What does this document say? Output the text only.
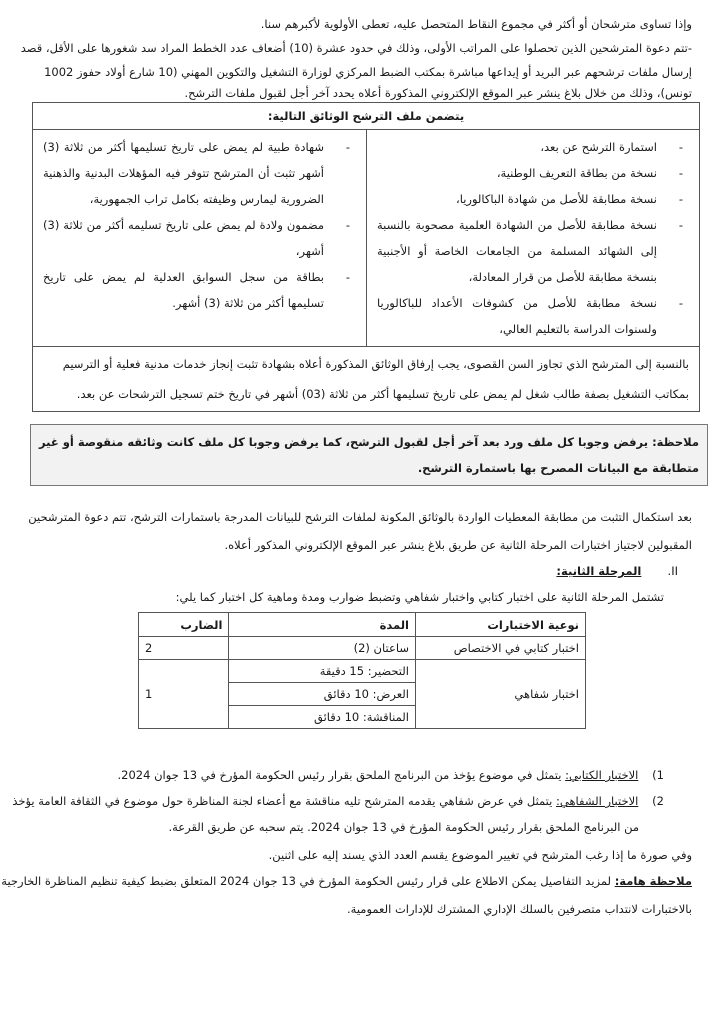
وإذا تساوى مترشحان أو أكثر في مجموع النقاط المتحصل عليه، تعطى الأولوية لأكبرهم سنا.
-تتم دعوة المترشحين الذين تحصلوا على المراتب الأولى، وذلك في حدود عشرة (10) أضعاف عدد الخطط المراد سد شغورها على الأقل، قصد
إرسال ملفات ترشحهم عبر البريد أو إيداعها مباشرة بمكتب الضبط المركزي لوزارة التشغيل والتكوين المهني (10 شارع أولاد حفوز 1002
تونس)، وذلك من خلال بلاغ ينشر عبر الموقع الإلكتروني المذكورة أعلاه يحدد آخر أجل لقبول ملفات الترشح.
يتضمن ملف الترشح الوثائق التالية:
-
استمارة الترشح عن بعد،
-
نسخة من بطاقة التعريف الوطنية،
-
نسخة مطابقة للأصل من شهادة الباكالوريا،
-
نسخة مطابقة للأصل من الشهادة العلمية مصحوبة بالنسبة إلى الشهائد المسلمة من الجامعات الخاصة أو الأجنبية بنسخة مطابقة للأصل من قرار المعادلة،
-
نسخة مطابقة للأصل من كشوفات الأعداد للباكالوريا ولسنوات الدراسة بالتعليم العالي،
-
شهادة طبية لم يمض على تاريخ تسليمها أكثر من ثلاثة (3) أشهر تثبت أن المترشح تتوفر فيه المؤهلات البدنية والذهنية الضرورية ليمارس وظيفته بكامل تراب الجمهورية،
-
مضمون ولادة لم يمض على تاريخ تسليمه أكثر من ثلاثة (3) أشهر،
-
بطاقة من سجل السوابق العدلية لم يمض على تاريخ تسليمها أكثر من ثلاثة (3) أشهر.
بالنسبة إلى المترشح الذي تجاوز السن القصوى، يجب إرفاق الوثائق المذكورة أعلاه بشهادة تثبت إنجاز خدمات مدنية فعلية أو الترسيم بمكاتب التشغيل بصفة طالب شغل لم يمض على تاريخ تسليمها أكثر من ثلاثة (03) أشهر في تاريخ ختم تسجيل الترشحات عن بعد.
ملاحظة: يرفض وجوبا كل ملف ورد بعد آخر أجل لقبول الترشح، كما يرفض وجوبا كل ملف كانت وثائقه منقوصة أو غير متطابقة مع البيانات المصرح بها باستمارة الترشح.
بعد استكمال التثبت من مطابقة المعطيات الواردة بالوثائق المكونة لملفات الترشح للبيانات المدرجة باستمارات الترشح، تتم دعوة المترشحين
المقبولين لاجتياز اختبارات المرحلة الثانية عن طريق بلاغ ينشر عبر الموقع الإلكتروني المذكور أعلاه.
II.    المرحلة الثانية:
تشتمل المرحلة الثانية على اختبار كتابي واختبار شفاهي وتضبط ضوارب ومدة وماهية كل اختبار كما يلي:
نوعية الاختبارات	المدة	الضارب
اختبار كتابي في الاختصاص	ساعتان (2)	2
اختبار شفاهي	التحضير: 15 دقيقة	1
	العرض: 10 دقائق	
	المناقشة: 10 دقائق	
1) الاختبار الكتابي: يتمثل في موضوع يؤخذ من البرنامج الملحق بقرار رئيس الحكومة المؤرخ في 13 جوان 2024.
2) الاختبار الشفاهي: يتمثل في عرض شفاهي يقدمه المترشح تليه مناقشة مع أعضاء لجنة المناظرة حول موضوع في الثقافة العامة يؤخذ
من البرنامج الملحق بقرار رئيس الحكومة المؤرخ في 13 جوان 2024. يتم سحبه عن طريق القرعة.
وفي صورة ما إذا رغب المترشح في تغيير الموضوع يقسم العدد الذي يسند إليه على اثنين.
ملاحظة هامة: لمزيد التفاصيل يمكن الاطلاع على قرار رئيس الحكومة المؤرخ في 13 جوان 2024 المتعلق بضبط كيفية تنظيم المناظرة الخارجية
بالاختبارات لانتداب متصرفين بالسلك الإداري المشترك للإدارات العمومية.
